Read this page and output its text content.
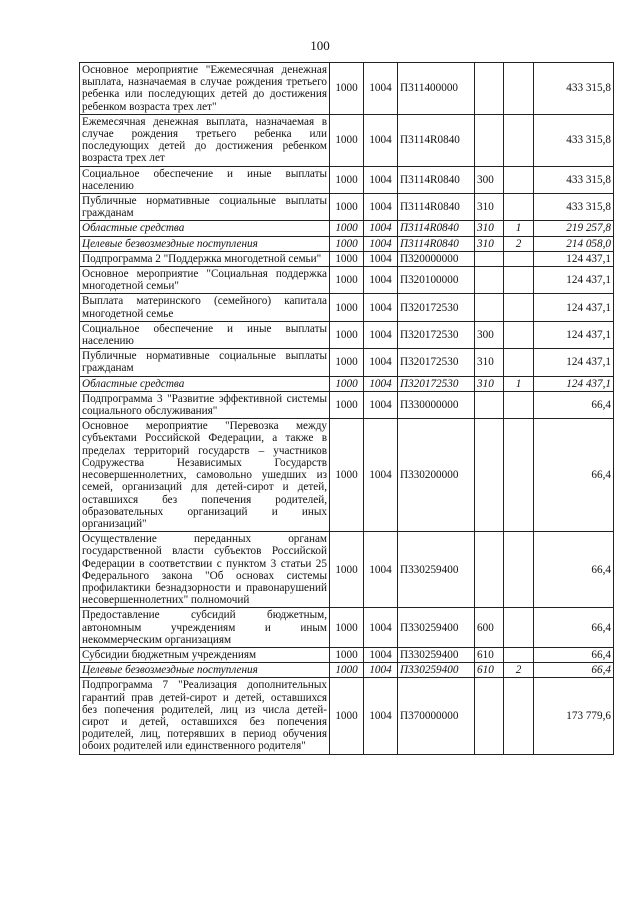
100
Основное мероприятие "Ежемесячная денежная выплата, назначаемая в случае рождения третьего ребенка или последующих детей до достижения ребенком возраста трех лет"	1000	1004	П311400000			433 315,8
Ежемесячная денежная выплата, назначаемая в случае рождения третьего ребенка или последующих детей до достижения ребенком возраста трех лет	1000	1004	П3114R0840			433 315,8
Социальное обеспечение и иные выплаты населению	1000	1004	П3114R0840	300		433 315,8
Публичные нормативные социальные выплаты гражданам	1000	1004	П3114R0840	310		433 315,8
Областные средства	1000	1004	П3114R0840	310	1	219 257,8
Целевые безвозмездные поступления	1000	1004	П3114R0840	310	2	214 058,0
Подпрограмма 2 "Поддержка многодетной семьи"	1000	1004	П320000000			124 437,1
Основное мероприятие "Социальная поддержка многодетной семьи"	1000	1004	П320100000			124 437,1
Выплата материнского (семейного) капитала многодетной семье	1000	1004	П320172530			124 437,1
Социальное обеспечение и иные выплаты населению	1000	1004	П320172530	300		124 437,1
Публичные нормативные социальные выплаты гражданам	1000	1004	П320172530	310		124 437,1
Областные средства	1000	1004	П320172530	310	1	124 437,1
Подпрограмма 3 "Развитие эффективной системы социального обслуживания"	1000	1004	П330000000			66,4
Основное мероприятие "Перевозка между субъектами Российской Федерации, а также в пределах территорий государств – участников Содружества Независимых Государств несовершеннолетних, самовольно ушедших из семей, организаций для детей-сирот и детей, оставшихся без попечения родителей, образовательных организаций и иных организаций"	1000	1004	П330200000			66,4
Осуществление переданных органам государственной власти субъектов Российской Федерации в соответствии с пунктом 3 статьи 25 Федерального закона "Об основах системы профилактики безнадзорности и правонарушений несовершеннолетних" полномочий	1000	1004	П330259400			66,4
Предоставление субсидий бюджетным, автономным учреждениям и иным некоммерческим организациям	1000	1004	П330259400	600		66,4
Субсидии бюджетным учреждениям	1000	1004	П330259400	610		66,4
Целевые безвозмездные поступления	1000	1004	П330259400	610	2	66,4
Подпрограмма 7 "Реализация дополнительных гарантий прав детей-сирот и детей, оставшихся без попечения родителей, лиц из числа детей-сирот и детей, оставшихся без попечения родителей, лиц, потерявших в период обучения обоих родителей или единственного родителя"	1000	1004	П370000000			173 779,6
